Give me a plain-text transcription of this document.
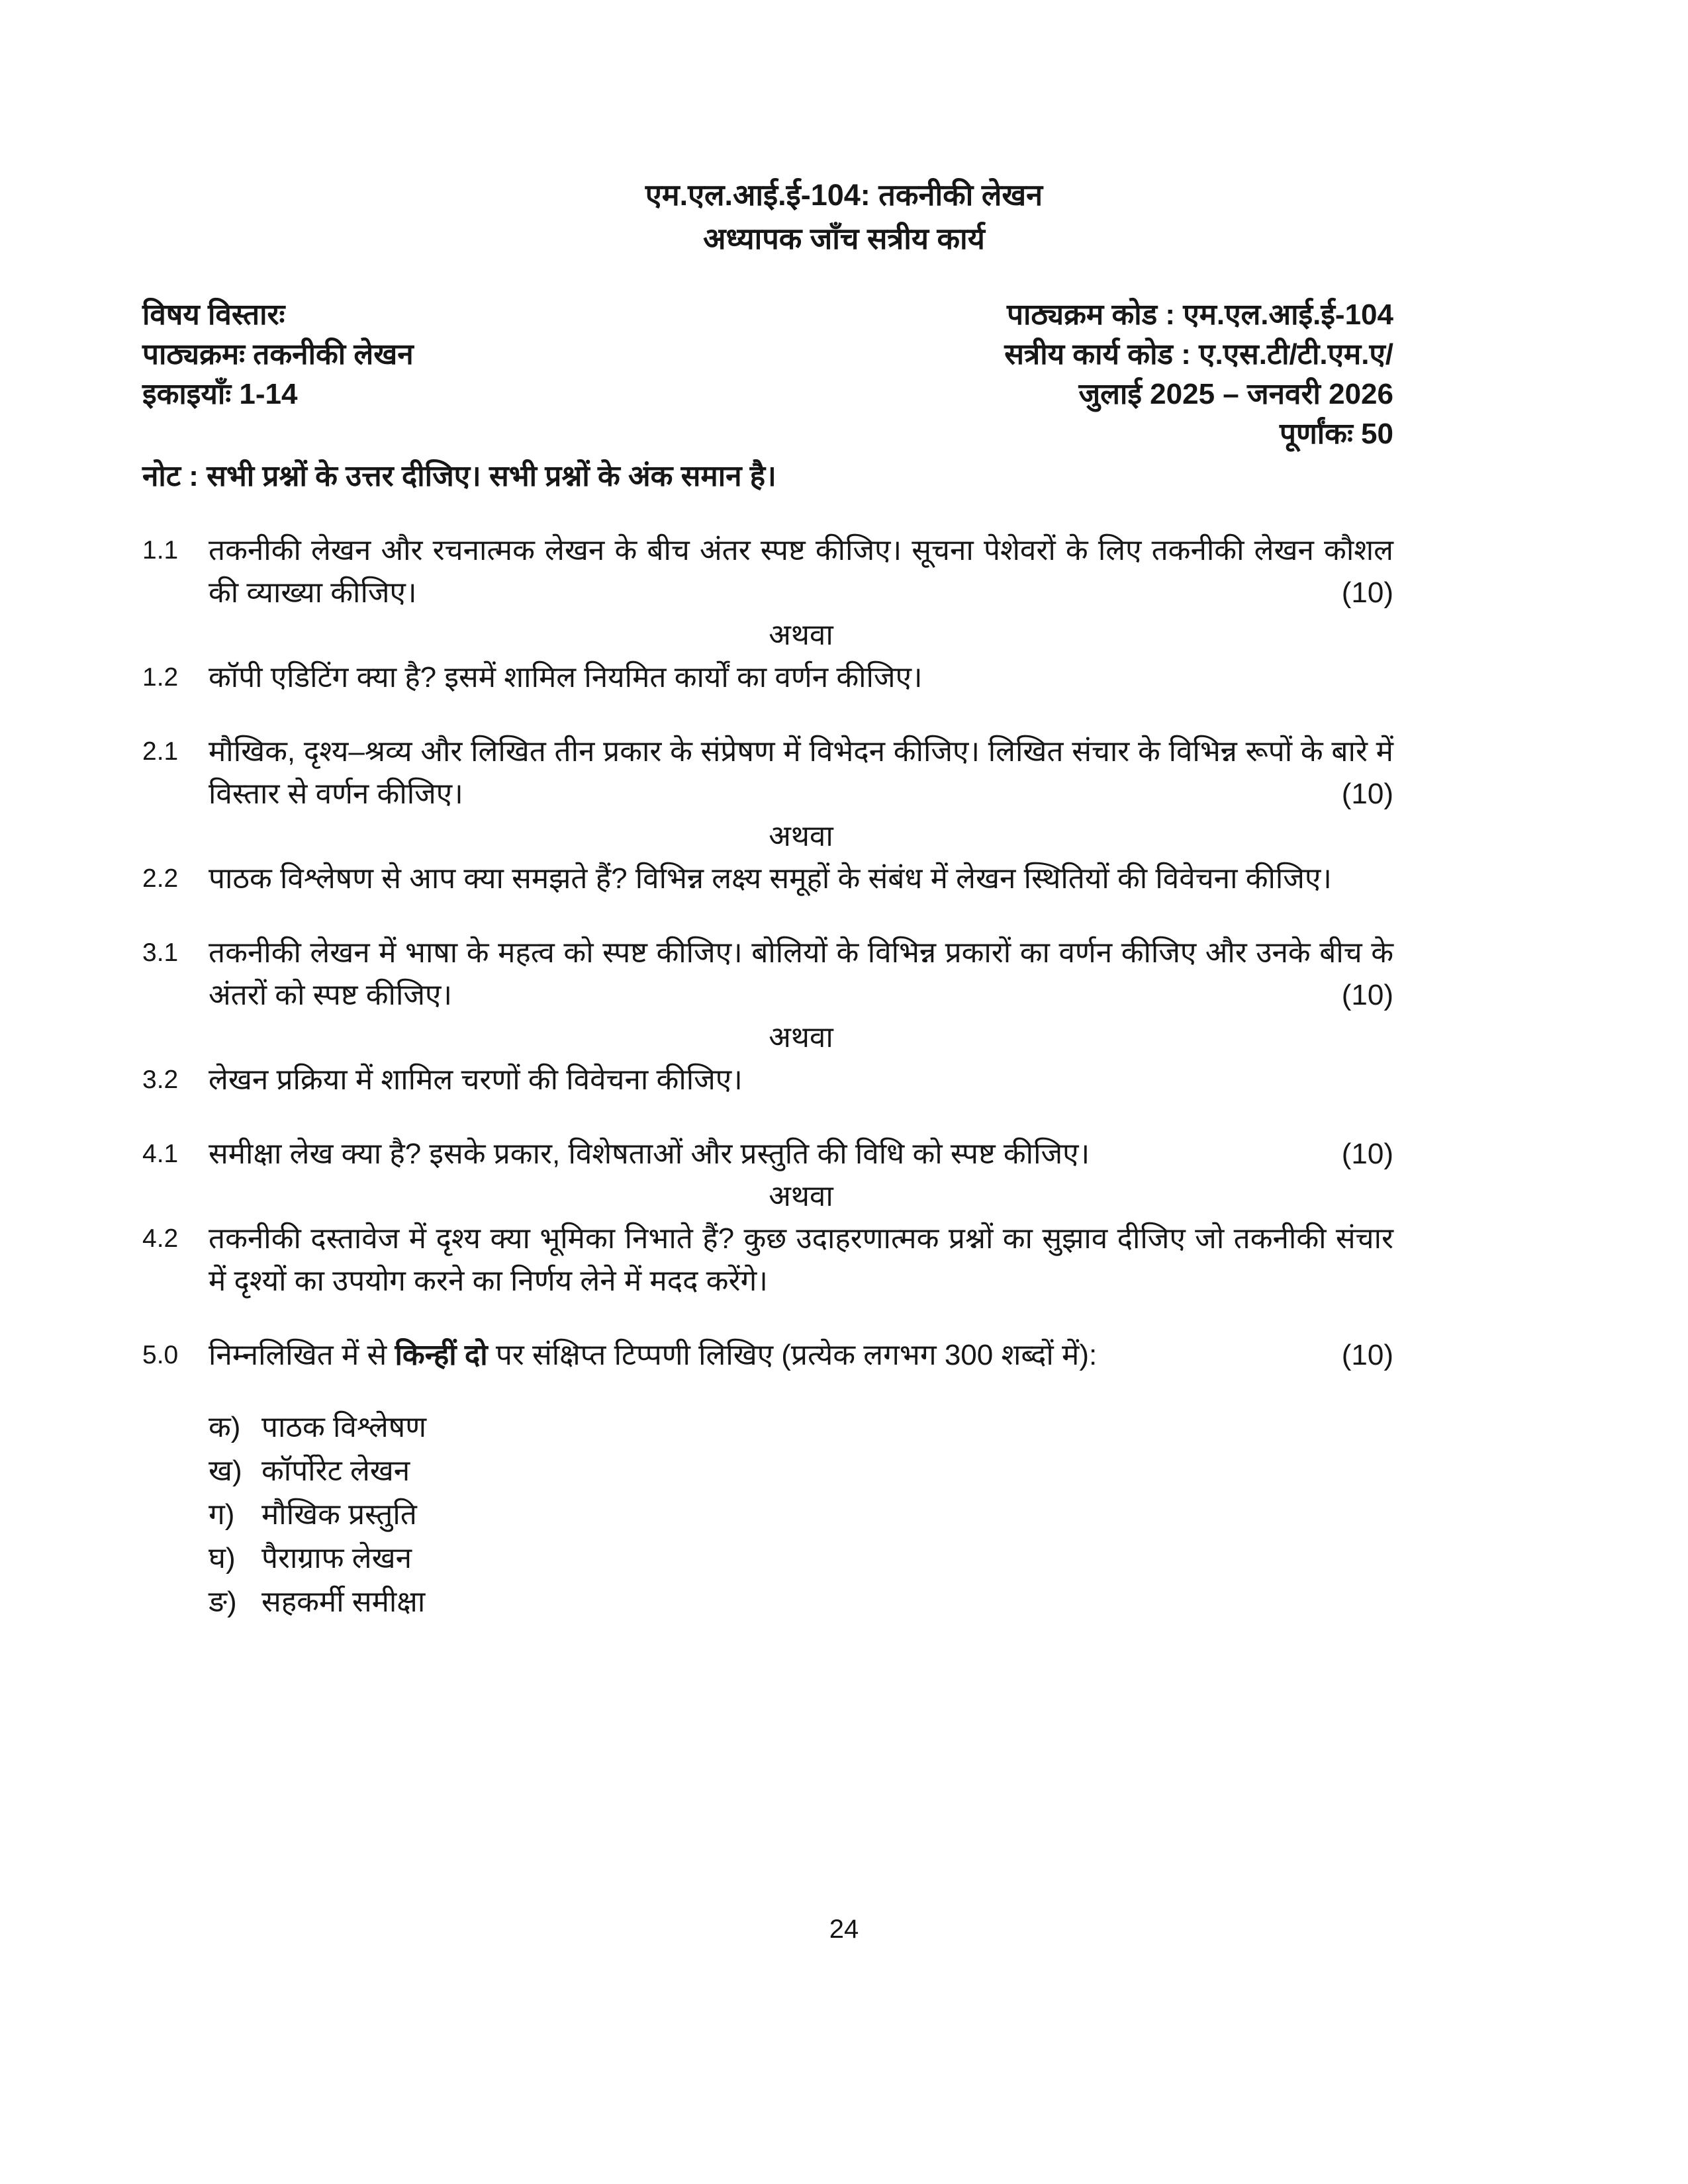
एम.एल.आई.ई-104: तकनीकी लेखन
अध्यापक जाँच सत्रीय कार्य
विषय विस्तारः
पाठ्यक्रमः तकनीकी लेखन
इकाइयाँः 1-14
पाठ्यक्रम कोड : एम.एल.आई.ई-104
सत्रीय कार्य कोड : ए.एस.टी/टी.एम.ए/
जुलाई 2025 – जनवरी 2026
पूर्णांकः 50
नोट : सभी प्रश्नों के उत्तर दीजिए। सभी प्रश्नों के अंक समान है।
1.1	तकनीकी लेखन और रचनात्मक लेखन के बीच अंतर स्पष्ट कीजिए। सूचना पेशेवरों के लिए तकनीकी लेखन कौशल की व्याख्या कीजिए।	(10)
अथवा
1.2	कॉपी एडिटिंग क्या है? इसमें शामिल नियमित कार्यों का वर्णन कीजिए।
2.1	मौखिक, दृश्य–श्रव्य और लिखित तीन प्रकार के संप्रेषण में विभेदन कीजिए। लिखित संचार के विभिन्न रूपों के बारे में विस्तार से वर्णन कीजिए।	(10)
अथवा
2.2	पाठक विश्लेषण से आप क्या समझते हैं? विभिन्न लक्ष्य समूहों के संबंध में लेखन स्थितियों की विवेचना कीजिए।
3.1	तकनीकी लेखन में भाषा के महत्व को स्पष्ट कीजिए। बोलियों के विभिन्न प्रकारों का वर्णन कीजिए और उनके बीच के अंतरों को स्पष्ट कीजिए।	(10)
अथवा
3.2	लेखन प्रक्रिया में शामिल चरणों की विवेचना कीजिए।
4.1	समीक्षा लेख क्या है? इसके प्रकार, विशेषताओं और प्रस्तुति की विधि को स्पष्ट कीजिए।	(10)
अथवा
4.2	तकनीकी दस्तावेज में दृश्य क्या भूमिका निभाते हैं? कुछ उदाहरणात्मक प्रश्नों का सुझाव दीजिए जो तकनीकी संचार में दृश्यों का उपयोग करने का निर्णय लेने में मदद करेंगे।
5.0	निम्नलिखित में से किन्हीं दो पर संक्षिप्त टिप्पणी लिखिए (प्रत्येक लगभग 300 शब्दों में):	(10)
क) पाठक विश्लेषण
ख) कॉर्पोरेट लेखन
ग) मौखिक प्रस्तुति
घ) पैराग्राफ लेखन
ङ) सहकर्मी समीक्षा
24
